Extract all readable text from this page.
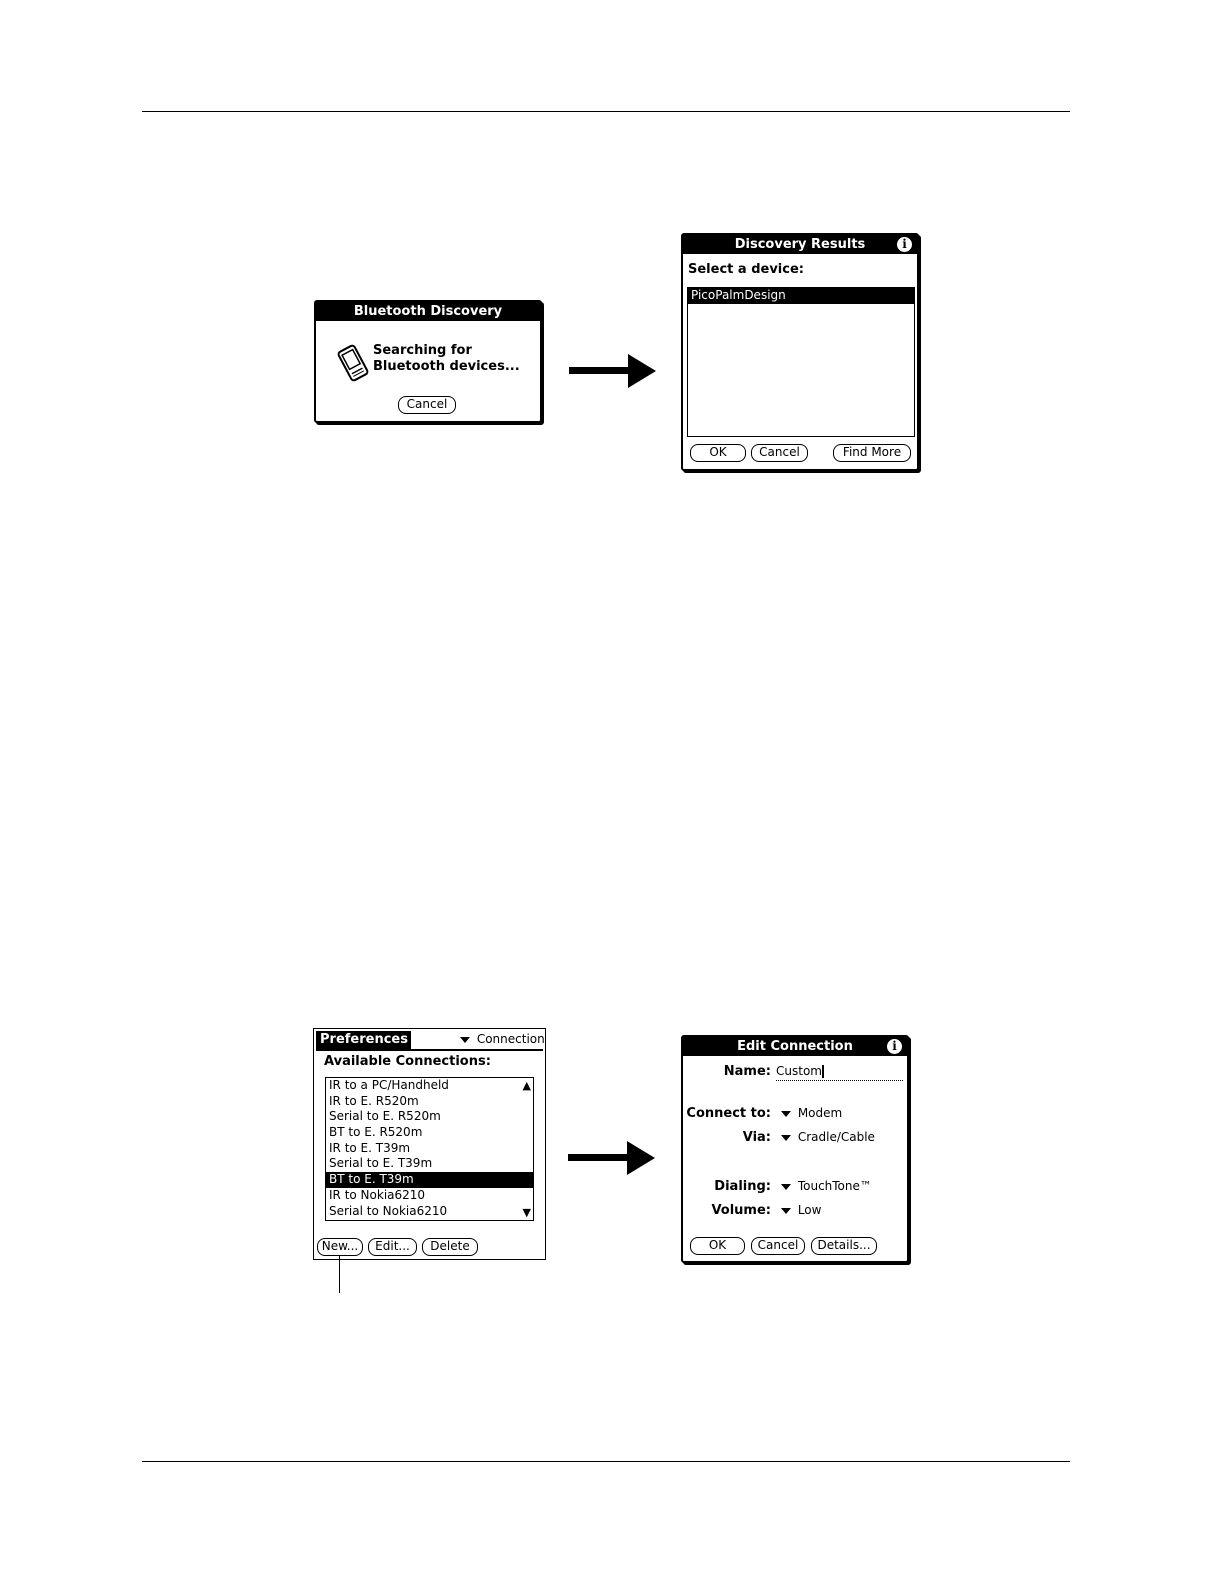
Bluetooth Discovery
Searching for
Bluetooth devices...
Cancel
Discovery Results	i
Select a device:
PicoPalmDesign
OK	Cancel	Find More
Preferences	Connection
Available Connections:
IR to a PC/Handheld
IR to E. R520m
Serial to E. R520m
BT to E. R520m
IR to E. T39m
Serial to E. T39m
BT to E. T39m
IR to Nokia6210
Serial to Nokia6210
▲
▼
New...	Edit...	Delete
Edit Connection	i
Name: Custom
Connect to:	Modem
Via:	Cradle/Cable
Dialing:	TouchTone™
Volume:	Low
OK	Cancel	Details...
